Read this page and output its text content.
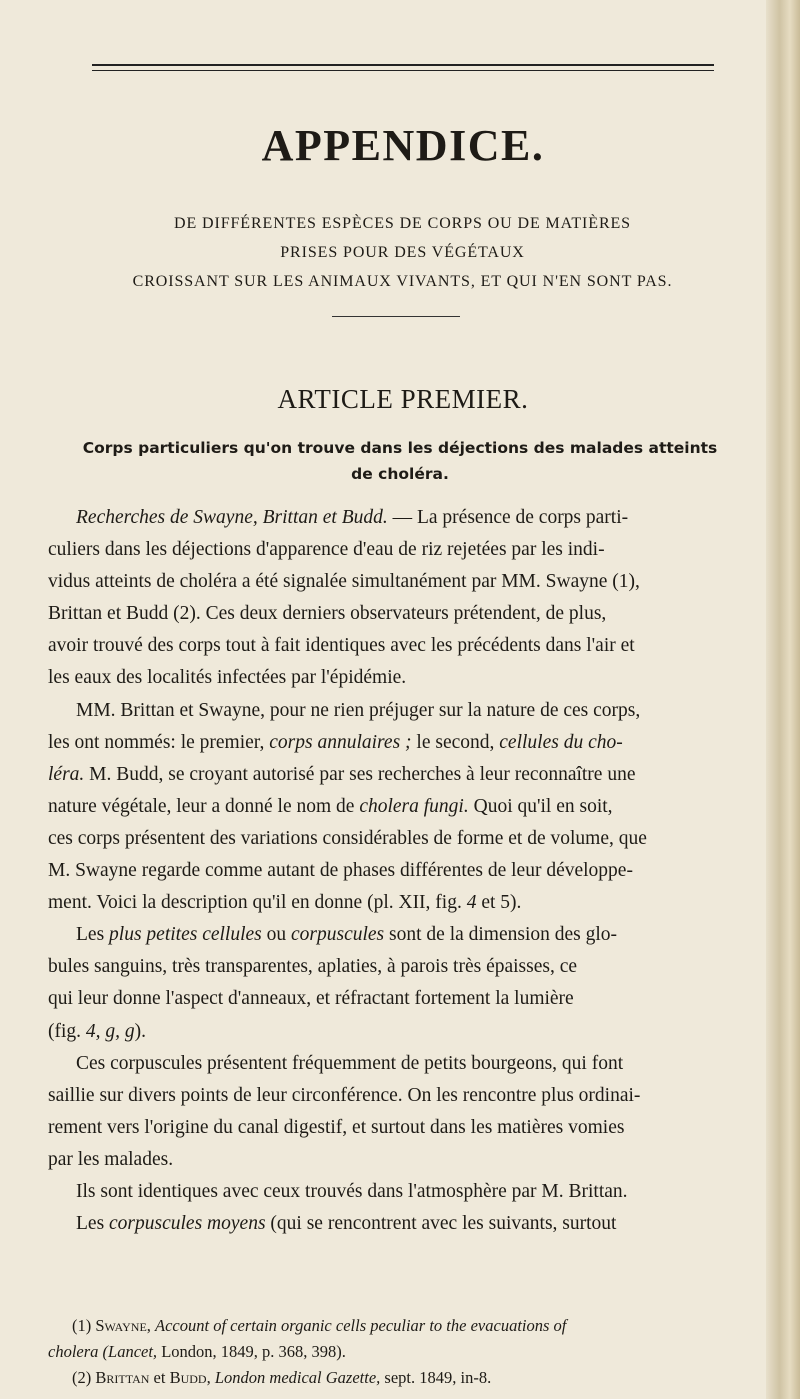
APPENDICE.
DE DIFFÉRENTES ESPÈCES DE CORPS OU DE MATIÈRES
PRISES POUR DES VÉGÉTAUX
CROISSANT SUR LES ANIMAUX VIVANTS, ET QUI N'EN SONT PAS.
ARTICLE PREMIER.
Corps particuliers qu'on trouve dans les déjections des malades atteints
de choléra.
Recherches de Swayne, Brittan et Budd. — La présence de corps parti-
culiers dans les déjections d'apparence d'eau de riz rejetées par les indi-
vidus atteints de choléra a été signalée simultanément par MM. Swayne (1),
Brittan et Budd (2). Ces deux derniers observateurs prétendent, de plus,
avoir trouvé des corps tout à fait identiques avec les précédents dans l'air et
les eaux des localités infectées par l'épidémie.
MM. Brittan et Swayne, pour ne rien préjuger sur la nature de ces corps,
les ont nommés: le premier, corps annulaires ; le second, cellules du cho-
léra. M. Budd, se croyant autorisé par ses recherches à leur reconnaître une
nature végétale, leur a donné le nom de cholera fungi. Quoi qu'il en soit,
ces corps présentent des variations considérables de forme et de volume, que
M. Swayne regarde comme autant de phases différentes de leur développe-
ment. Voici la description qu'il en donne (pl. XII, fig. 4 et 5).
Les plus petites cellules ou corpuscules sont de la dimension des glo-
bules sanguins, très transparentes, aplaties, à parois très épaisses, ce
qui leur donne l'aspect d'anneaux, et réfractant fortement la lumière
(fig. 4, g, g).
Ces corpuscules présentent fréquemment de petits bourgeons, qui font
saillie sur divers points de leur circonférence. On les rencontre plus ordinai-
rement vers l'origine du canal digestif, et surtout dans les matières vomies
par les malades.
Ils sont identiques avec ceux trouvés dans l'atmosphère par M. Brittan.
Les corpuscules moyens (qui se rencontrent avec les suivants, surtout
(1) Swayne, Account of certain organic cells peculiar to the evacuations of
cholera (Lancet, London, 1849, p. 368, 398).
(2) Brittan et Budd, London medical Gazette, sept. 1849, in-8.
